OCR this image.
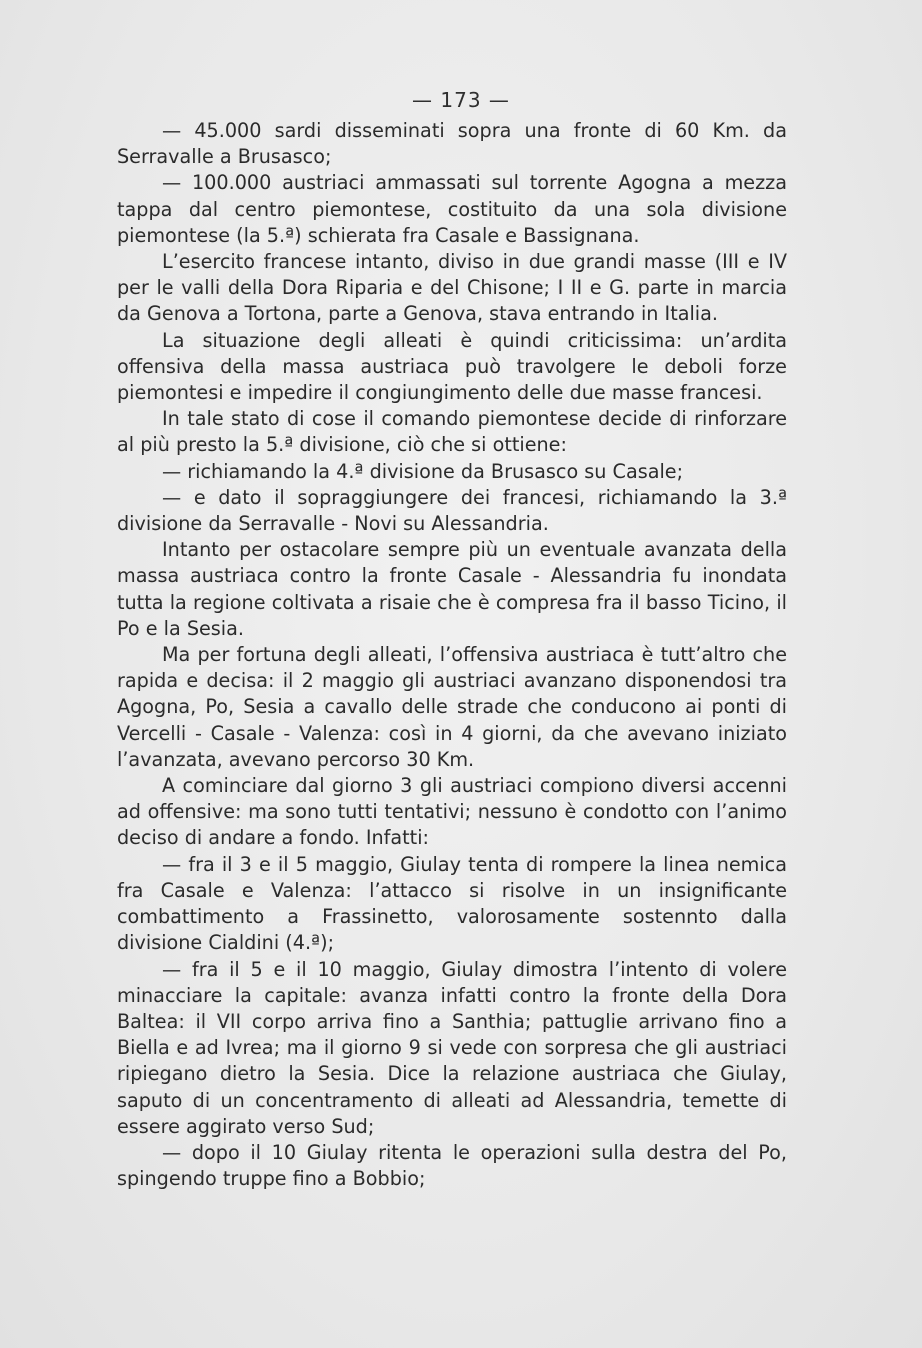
— 173 —

— 45.000 sardi disseminati sopra una fronte di 60 Km. da Serravalle a Brusasco;

— 100.000 austriaci ammassati sul torrente Agogna a mezza tappa dal centro piemontese, costituito da una sola divisione piemontese (la 5.ª) schierata fra Casale e Bassignana.

L’esercito francese intanto, diviso in due grandi masse (III e IV per le valli della Dora Riparia e del Chisone; I II e G. parte in marcia da Genova a Tortona, parte a Genova, stava entrando in Italia.

La situazione degli alleati è quindi criticissima: un’ardita offensiva della massa austriaca può travolgere le deboli forze piemontesi e impedire il congiungimento delle due masse francesi.

In tale stato di cose il comando piemontese decide di rinforzare al più presto la 5.ª divisione, ciò che si ottiene:

— richiamando la 4.ª divisione da Brusasco su Casale;

— e dato il sopraggiungere dei francesi, richiamando la 3.ª divisione da Serravalle - Novi su Alessandria.

Intanto per ostacolare sempre più un eventuale avanzata della massa austriaca contro la fronte Casale - Alessandria fu inondata tutta la regione coltivata a risaie che è compresa fra il basso Ticino, il Po e la Sesia.

Ma per fortuna degli alleati, l’offensiva austriaca è tutt’altro che rapida e decisa: il 2 maggio gli austriaci avanzano disponendosi tra Agogna, Po, Sesia a cavallo delle strade che conducono ai ponti di Vercelli - Casale - Valenza: così in 4 giorni, da che avevano iniziato l’avanzata, avevano percorso 30 Km.

A cominciare dal giorno 3 gli austriaci compiono diversi accenni ad offensive: ma sono tutti tentativi; nessuno è condotto con l’animo deciso di andare a fondo. Infatti:

— fra il 3 e il 5 maggio, Giulay tenta di rompere la linea nemica fra Casale e Valenza: l’attacco si risolve in un insignificante combattimento a Frassinetto, valorosamente sostennto dalla divisione Cialdini (4.ª);

— fra il 5 e il 10 maggio, Giulay dimostra l’intento di volere minacciare la capitale: avanza infatti contro la fronte della Dora Baltea: il VII corpo arriva fino a Santhia; pattuglie arrivano fino a Biella e ad Ivrea; ma il giorno 9 si vede con sorpresa che gli austriaci ripiegano dietro la Sesia. Dice la relazione austriaca che Giulay, saputo di un concentramento di alleati ad Alessandria, temette di essere aggirato verso Sud;

— dopo il 10 Giulay ritenta le operazioni sulla destra del Po, spingendo truppe fino a Bobbio;
